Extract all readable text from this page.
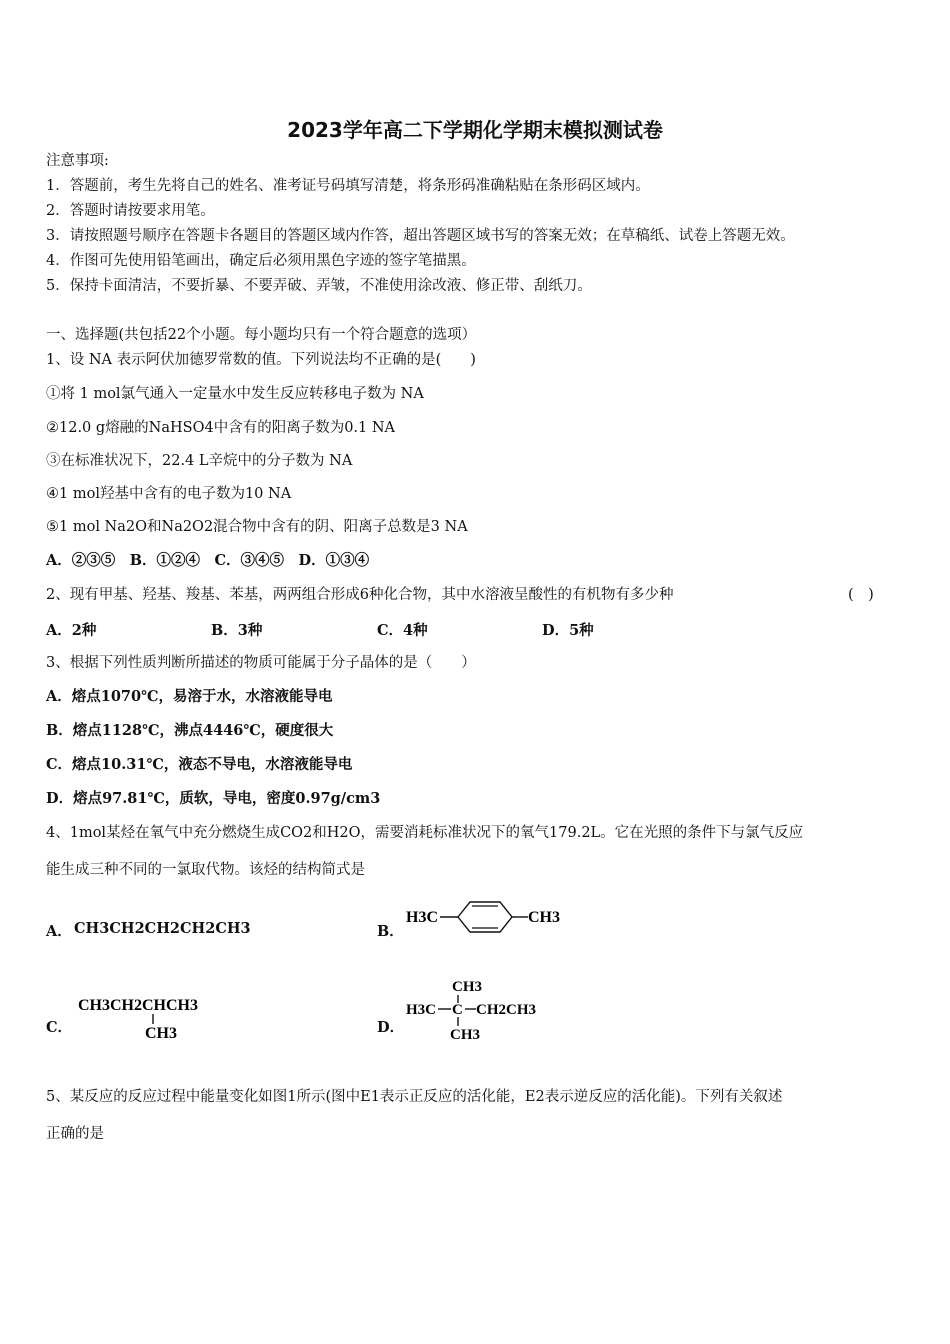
2023学年高二下学期化学期末模拟测试卷
注意事项:
1．答题前，考生先将自己的姓名、准考证号码填写清楚，将条形码准确粘贴在条形码区域内。
2．答题时请按要求用笔。
3．请按照题号顺序在答题卡各题目的答题区域内作答，超出答题区域书写的答案无效；在草稿纸、试卷上答题无效。
4．作图可先使用铅笔画出，确定后必须用黑色字迹的签字笔描黑。
5．保持卡面清洁，不要折暴、不要弄破、弄皱，不准使用涂改液、修正带、刮纸刀。
一、选择题(共包括22个小题。每小题均只有一个符合题意的选项）
1、设 NA 表示阿伏加德罗常数的值。下列说法均不正确的是(　　)
①将 1 mol氯气通入一定量水中发生反应转移电子数为 NA
②12.0 g熔融的NaHSO4中含有的阳离子数为0.1 NA
③在标准状况下，22.4 L辛烷中的分子数为 NA
④1 mol羟基中含有的电子数为10 NA
⑤1 mol Na2O和Na2O2混合物中含有的阴、阳离子总数是3 NA
A．②③⑤　B．①②④　C．③④⑤　D．①③④
2、现有甲基、羟基、羧基、苯基，两两组合形成6种化合物，其中水溶液呈酸性的有机物有多少种	(　)
A．2种	B．3种	C．4种	D．5种
3、根据下列性质判断所描述的物质可能属于分子晶体的是（　　）
A．熔点1070℃，易溶于水，水溶液能导电
B．熔点1128℃，沸点4446℃，硬度很大
C．熔点10.31℃，液态不导电，水溶液能导电
D．熔点97.81℃，质软，导电，密度0.97g/cm3
4、1mol某烃在氧气中充分燃烧生成CO2和H2O，需要消耗标准状况下的氧气179.2L。它在光照的条件下与氯气反应
能生成三种不同的一氯取代物。该烃的结构简式是
A． CH3CH2CH2CH2CH3	B．
H3C	CH3
C．
CH3CH2CHCH3
CH3	D．
CH3
H3C C CH2CH3
CH3
5、某反应的反应过程中能量变化如图1所示(图中E1表示正反应的活化能，E2表示逆反应的活化能)。下列有关叙述
正确的是
